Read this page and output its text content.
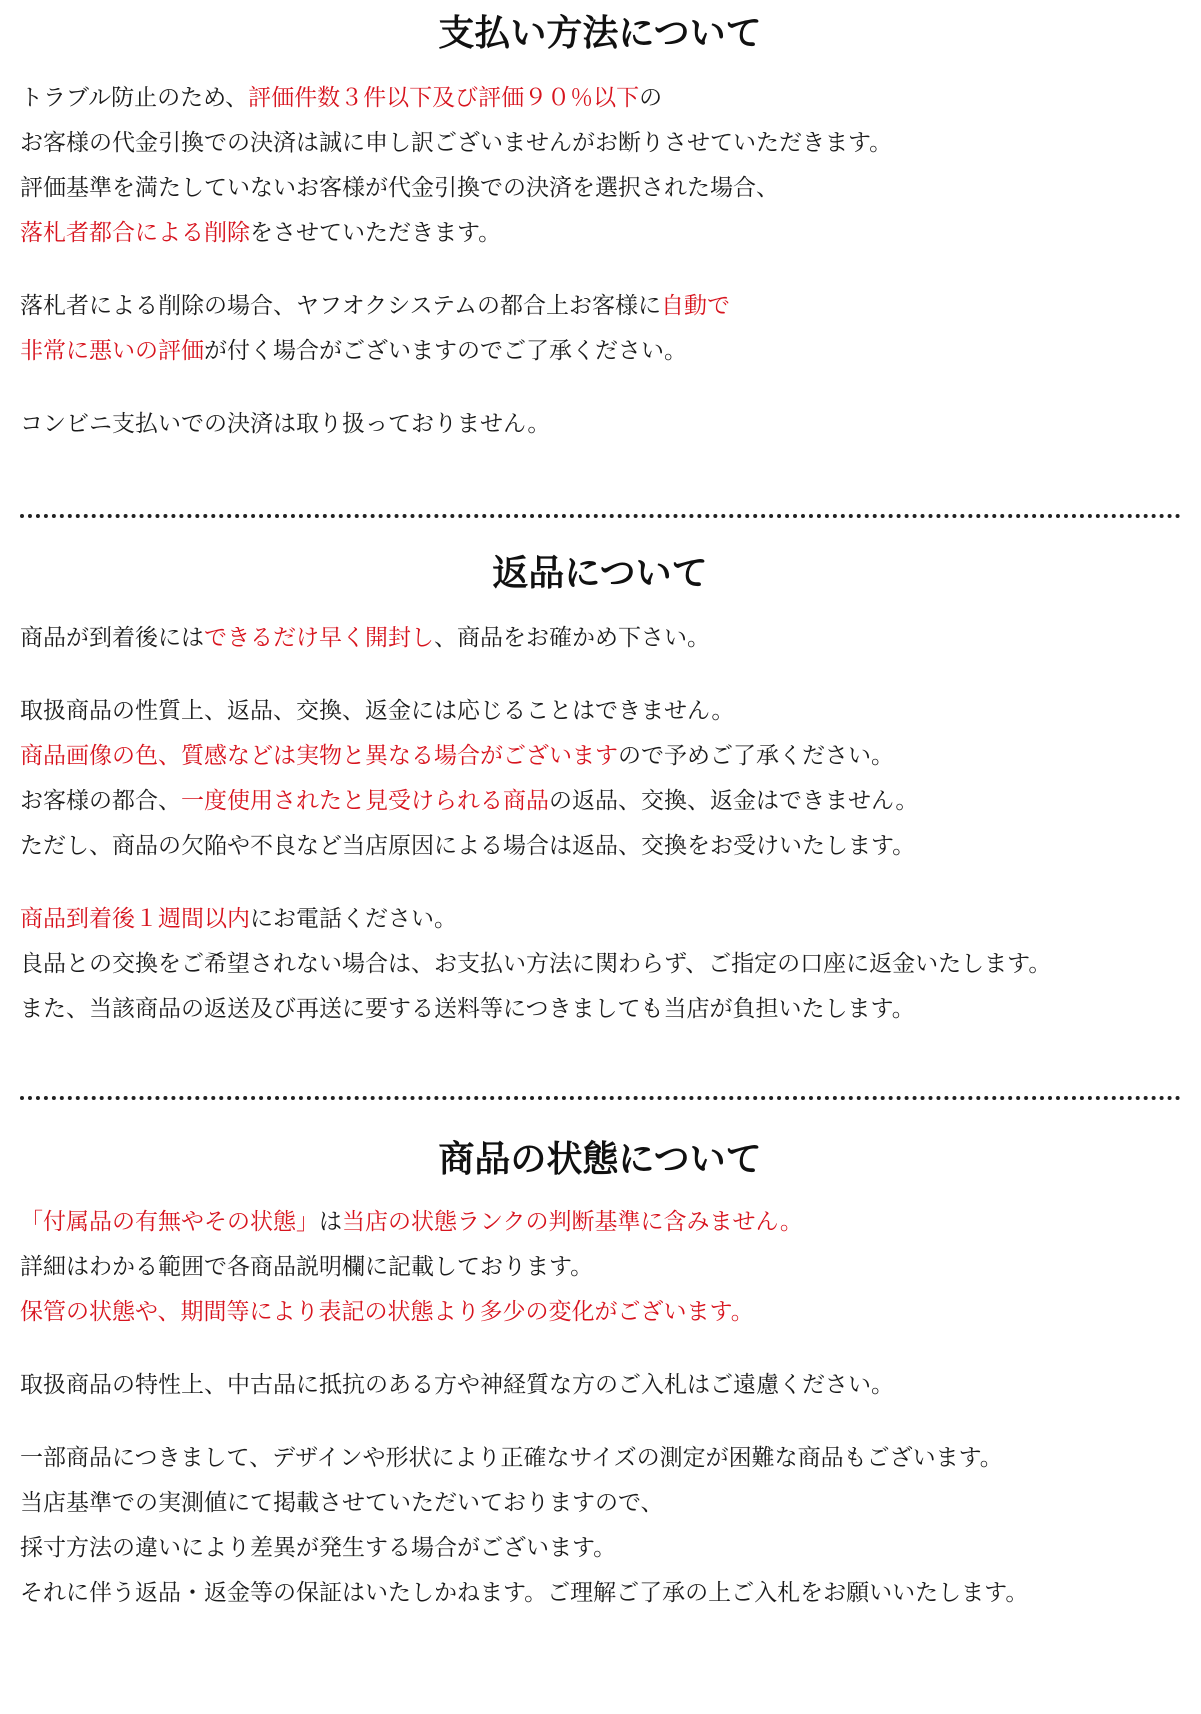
支払い方法について

トラブル防止のため、評価件数３件以下及び評価９０％以下の

お客様の代金引換での決済は誠に申し訳ございませんがお断りさせていただきます。

評価基準を満たしていないお客様が代金引換での決済を選択された場合、

落札者都合による削除をさせていただきます。

落札者による削除の場合、ヤフオクシステムの都合上お客様に自動で

非常に悪いの評価が付く場合がございますのでご了承ください。

コンビニ支払いでの決済は取り扱っておりません。

返品について

商品が到着後にはできるだけ早く開封し、商品をお確かめ下さい。

取扱商品の性質上、返品、交換、返金には応じることはできません。

商品画像の色、質感などは実物と異なる場合がございますので予めご了承ください。

お客様の都合、一度使用されたと見受けられる商品の返品、交換、返金はできません。

ただし、商品の欠陥や不良など当店原因による場合は返品、交換をお受けいたします。

商品到着後１週間以内にお電話ください。

良品との交換をご希望されない場合は、お支払い方法に関わらず、ご指定の口座に返金いたします。

また、当該商品の返送及び再送に要する送料等につきましても当店が負担いたします。

商品の状態について

「付属品の有無やその状態」は当店の状態ランクの判断基準に含みません。

詳細はわかる範囲で各商品説明欄に記載しております。

保管の状態や、期間等により表記の状態より多少の変化がございます。

取扱商品の特性上、中古品に抵抗のある方や神経質な方のご入札はご遠慮ください。

一部商品につきまして、デザインや形状により正確なサイズの測定が困難な商品もございます。

当店基準での実測値にて掲載させていただいておりますので、

採寸方法の違いにより差異が発生する場合がございます。

それに伴う返品・返金等の保証はいたしかねます。ご理解ご了承の上ご入札をお願いいたします。
